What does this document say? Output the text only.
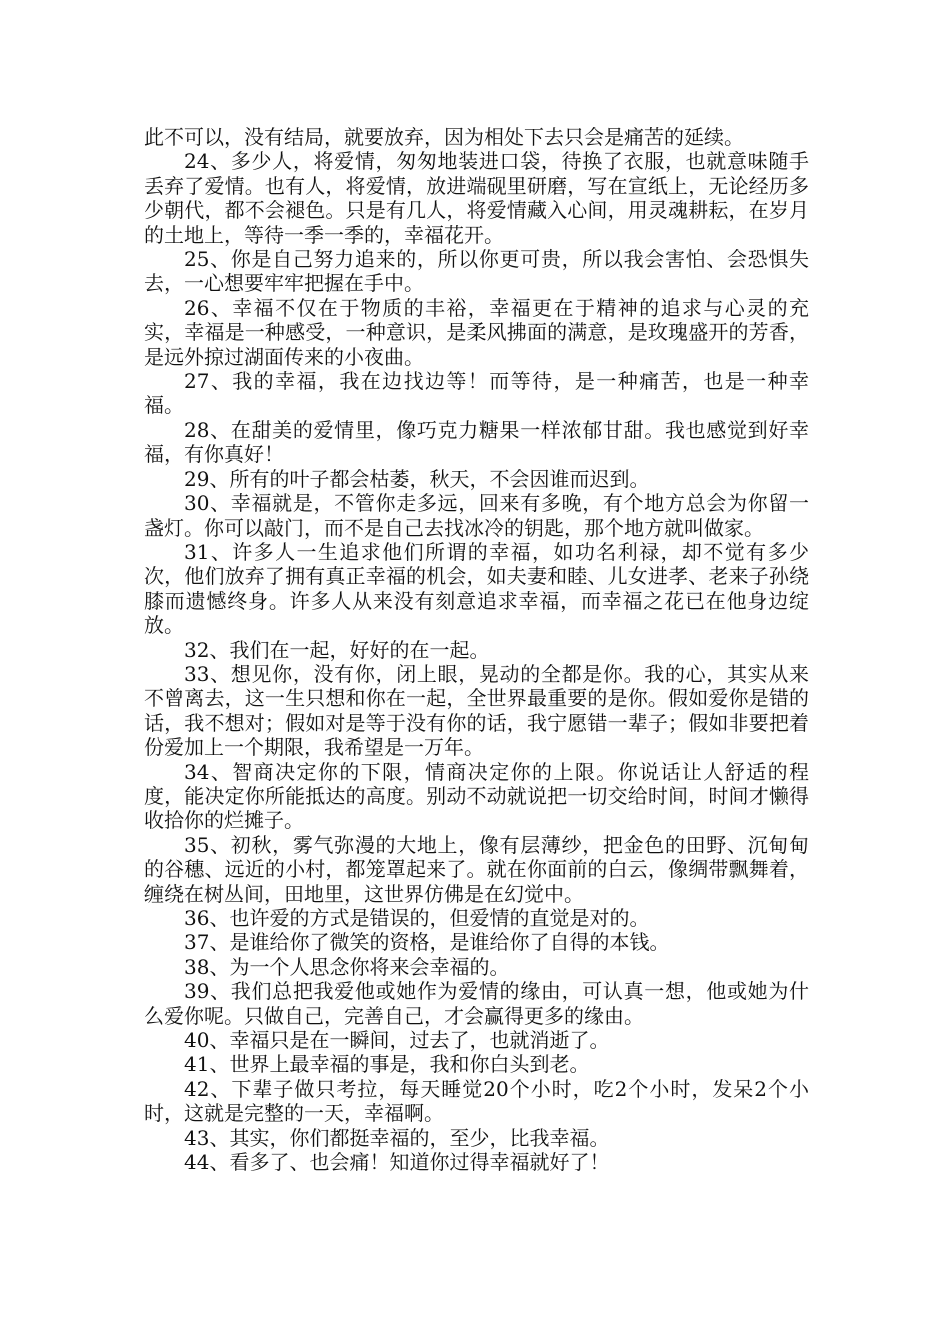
此不可以，没有结局，就要放弃，因为相处下去只会是痛苦的延续。

24、多少人，将爱情，匆匆地装进口袋，待换了衣服，也就意味随手丢弃了爱情。也有人，将爱情，放进端砚里研磨，写在宣纸上，无论经历多少朝代，都不会褪色。只是有几人，将爱情藏入心间，用灵魂耕耘，在岁月的土地上，等待一季一季的，幸福花开。

25、你是自己努力追来的，所以你更可贵，所以我会害怕、会恐惧失去，一心想要牢牢把握在手中。

26、幸福不仅在于物质的丰裕，幸福更在于精神的追求与心灵的充实，幸福是一种感受，一种意识，是柔风拂面的满意，是玫瑰盛开的芳香，是远外掠过湖面传来的小夜曲。

27、我的幸福，我在边找边等！而等待，是一种痛苦，也是一种幸福。

28、在甜美的爱情里，像巧克力糖果一样浓郁甘甜。我也感觉到好幸福，有你真好！

29、所有的叶子都会枯萎，秋天，不会因谁而迟到。

30、幸福就是，不管你走多远，回来有多晚，有个地方总会为你留一盏灯。你可以敲门，而不是自己去找冰冷的钥匙，那个地方就叫做家。

31、许多人一生追求他们所谓的幸福，如功名利禄，却不觉有多少次，他们放弃了拥有真正幸福的机会，如夫妻和睦、儿女进孝、老来子孙绕膝而遗憾终身。许多人从来没有刻意追求幸福，而幸福之花已在他身边绽放。

32、我们在一起，好好的在一起。

33、想见你，没有你，闭上眼，晃动的全都是你。我的心，其实从来不曾离去，这一生只想和你在一起，全世界最重要的是你。假如爱你是错的话，我不想对；假如对是等于没有你的话，我宁愿错一辈子；假如非要把着份爱加上一个期限，我希望是一万年。

34、智商决定你的下限，情商决定你的上限。你说话让人舒适的程度，能决定你所能抵达的高度。别动不动就说把一切交给时间，时间才懒得收拾你的烂摊子。

35、初秋，雾气弥漫的大地上，像有层薄纱，把金色的田野、沉甸甸的谷穗、远近的小村，都笼罩起来了。就在你面前的白云，像绸带飘舞着，缠绕在树丛间，田地里，这世界仿佛是在幻觉中。

36、也许爱的方式是错误的，但爱情的直觉是对的。

37、是谁给你了微笑的资格，是谁给你了自得的本钱。

38、为一个人思念你将来会幸福的。

39、我们总把我爱他或她作为爱情的缘由，可认真一想，他或她为什么爱你呢。只做自己，完善自己，才会赢得更多的缘由。

40、幸福只是在一瞬间，过去了，也就消逝了。

41、世界上最幸福的事是，我和你白头到老。

42、下辈子做只考拉，每天睡觉20个小时，吃2个小时，发呆2个小时，这就是完整的一天，幸福啊。

43、其实，你们都挺幸福的，至少，比我幸福。

44、看多了、也会痛！知道你过得幸福就好了！
